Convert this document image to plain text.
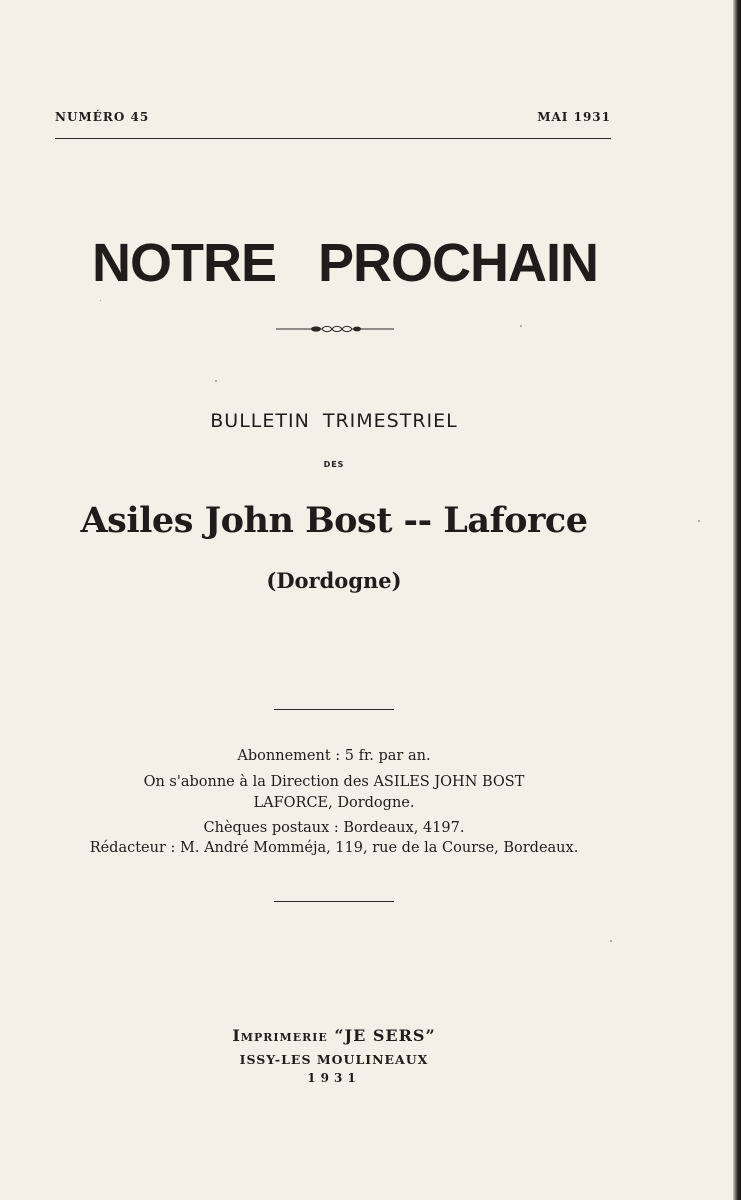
NUMÉRO 45	MAI 1931
NOTRE PROCHAIN
BULLETIN TRIMESTRIEL
DES
Asiles John Bost -- Laforce
(Dordogne)
Abonnement : 5 fr. par an.
On s'abonne à la Direction des ASILES JOHN BOST
LAFORCE, Dordogne.
Chèques postaux : Bordeaux, 4197.
Rédacteur : M. André Momméja, 119, rue de la Course, Bordeaux.
Imprimerie “JE SERS”
ISSY-LES MOULINEAUX
1931
